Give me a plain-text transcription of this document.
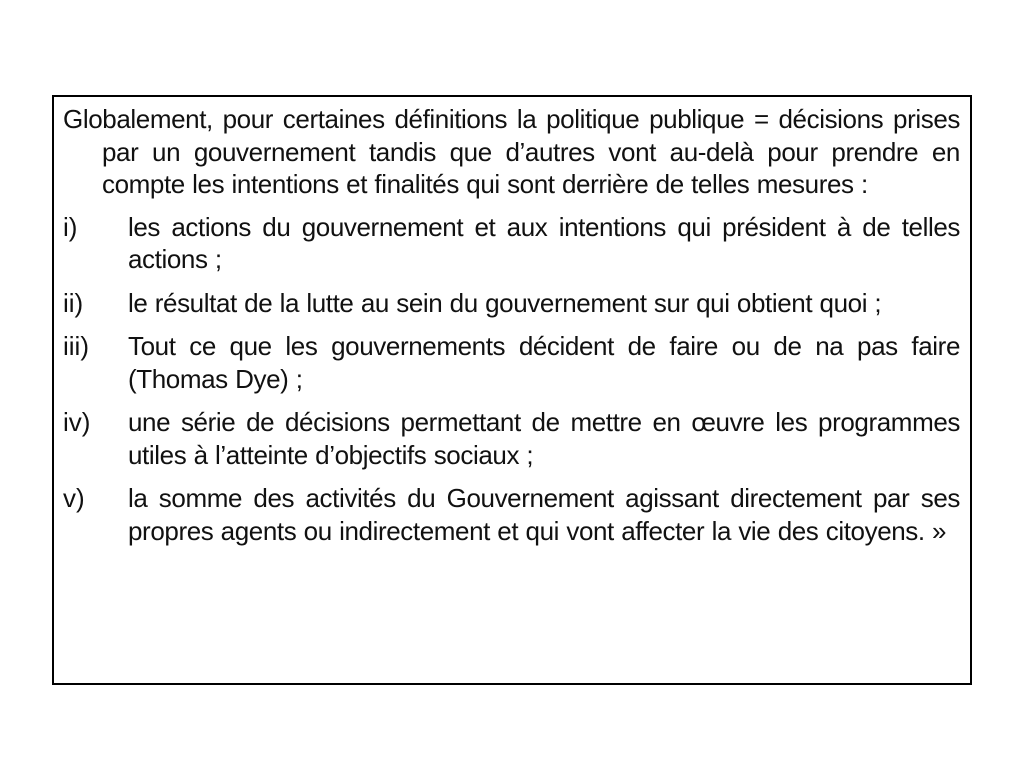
Globalement, pour certaines définitions la politique publique = décisions prises par un gouvernement tandis que d’autres vont au-delà pour prendre en compte les intentions et finalités qui sont derrière de telles mesures :

i)	les actions du gouvernement et aux intentions qui président à de telles actions ;
ii)	le résultat de la lutte au sein du gouvernement sur qui obtient quoi ;
iii)	Tout ce que les gouvernements décident de faire ou de na pas faire (Thomas Dye) ;
iv)	une série de décisions permettant de mettre en œuvre les programmes utiles à l’atteinte d’objectifs sociaux ;
v)	la somme des activités du Gouvernement agissant directement par ses propres agents ou indirectement et qui vont affecter la vie des citoyens. »
